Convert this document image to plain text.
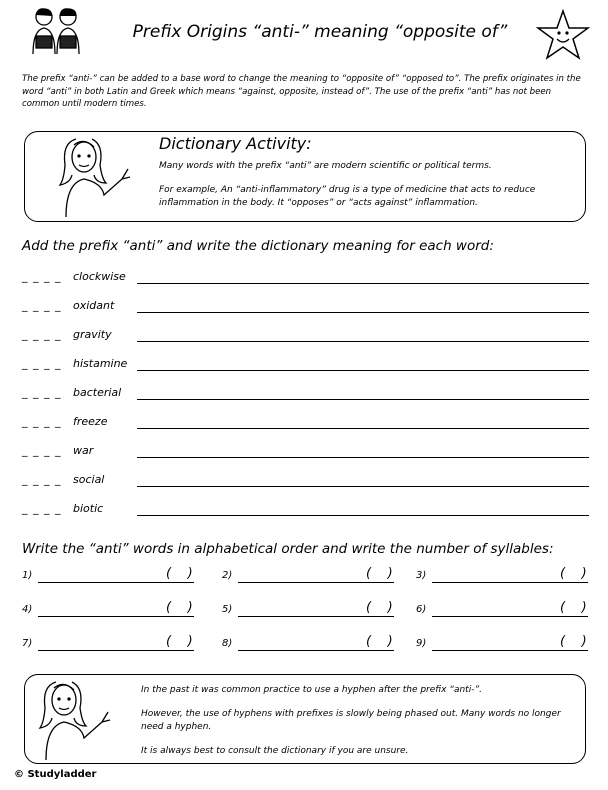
Prefix Origins “anti-” meaning “opposite of”
The prefix “anti-” can be added to a base word to change the meaning to “opposite of” “opposed to”. The prefix originates in the word “anti” in both Latin and Greek which means “against, opposite, instead of”. The use of the prefix “anti” has not been common until modern times.
Dictionary Activity:
Many words with the prefix “anti” are modern scientific or political terms.
For example, An “anti-inflammatory” drug is a type of medicine that acts to reduce inflammation in the body. It “opposes” or “acts against” inflammation.
Add the prefix “anti” and write the dictionary meaning for each word:
_ _ _ _ clockwise
_ _ _ _ oxidant
_ _ _ _ gravity
_ _ _ _ histamine
_ _ _ _ bacterial
_ _ _ _ freeze
_ _ _ _ war
_ _ _ _ social
_ _ _ _ biotic
Write the “anti” words in alphabetical order and write the number of syllables:
1)	(    )	2)	(    ) 3)	(    )
4)	(    )	5)	(    ) 6)	(    )
7)	(    )	8)	(    ) 9)	(    )
In the past it was common practice to use a hyphen after the prefix “anti-”.
However, the use of hyphens with prefixes is slowly being phased out. Many words no longer need a hyphen.
It is always best to consult the dictionary if you are unsure.
© Studyladder
